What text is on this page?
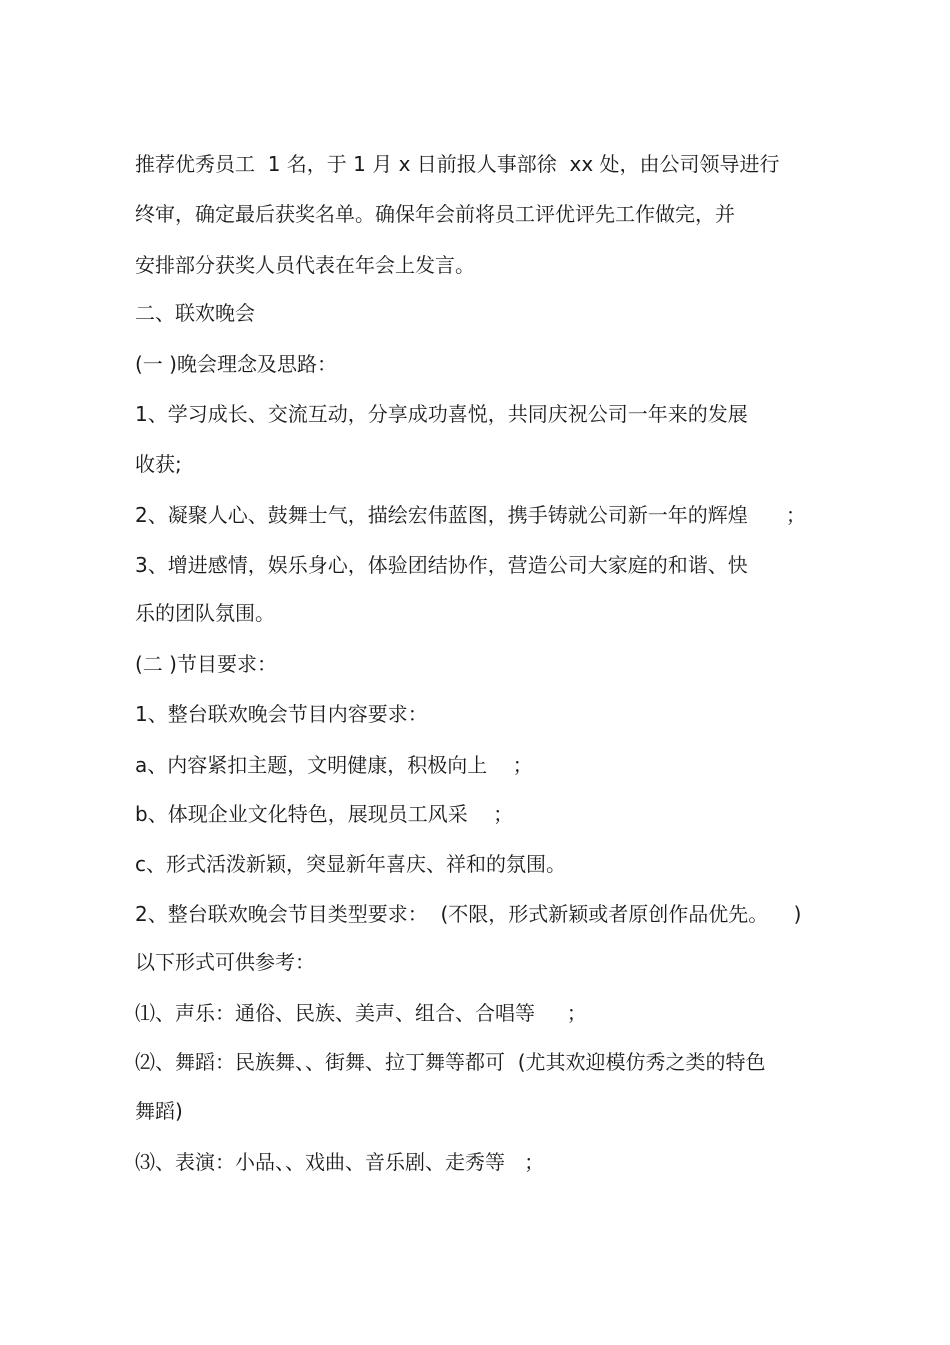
推荐优秀员工  1 名，于 1 月 x 日前报人事部徐  xx 处，由公司领导进行

终审，确定最后获奖名单。确保年会前将员工评优评先工作做完，并

安排部分获奖人员代表在年会上发言。

二、联欢晚会

(一 )晚会理念及思路：

1、学习成长、交流互动，分享成功喜悦，共同庆祝公司一年来的发展

收获;

2、凝聚人心、鼓舞士气，描绘宏伟蓝图，携手铸就公司新一年的辉煌      ；

3、增进感情，娱乐身心，体验团结协作，营造公司大家庭的和谐、快

乐的团队氛围。

(二 )节目要求：

1、整台联欢晚会节目内容要求：

a、内容紧扣主题，文明健康，积极向上    ；

b、体现企业文化特色，展现员工风采    ；

c、形式活泼新颖，突显新年喜庆、祥和的氛围。

2、整台联欢晚会节目类型要求：  (不限，形式新颖或者原创作品优先。    )

以下形式可供参考：

⑴、声乐：通俗、民族、美声、组合、合唱等     ；

⑵、舞蹈：民族舞、、街舞、拉丁舞等都可  (尤其欢迎模仿秀之类的特色

舞蹈)

⑶、表演：小品、、戏曲、音乐剧、走秀等   ；
